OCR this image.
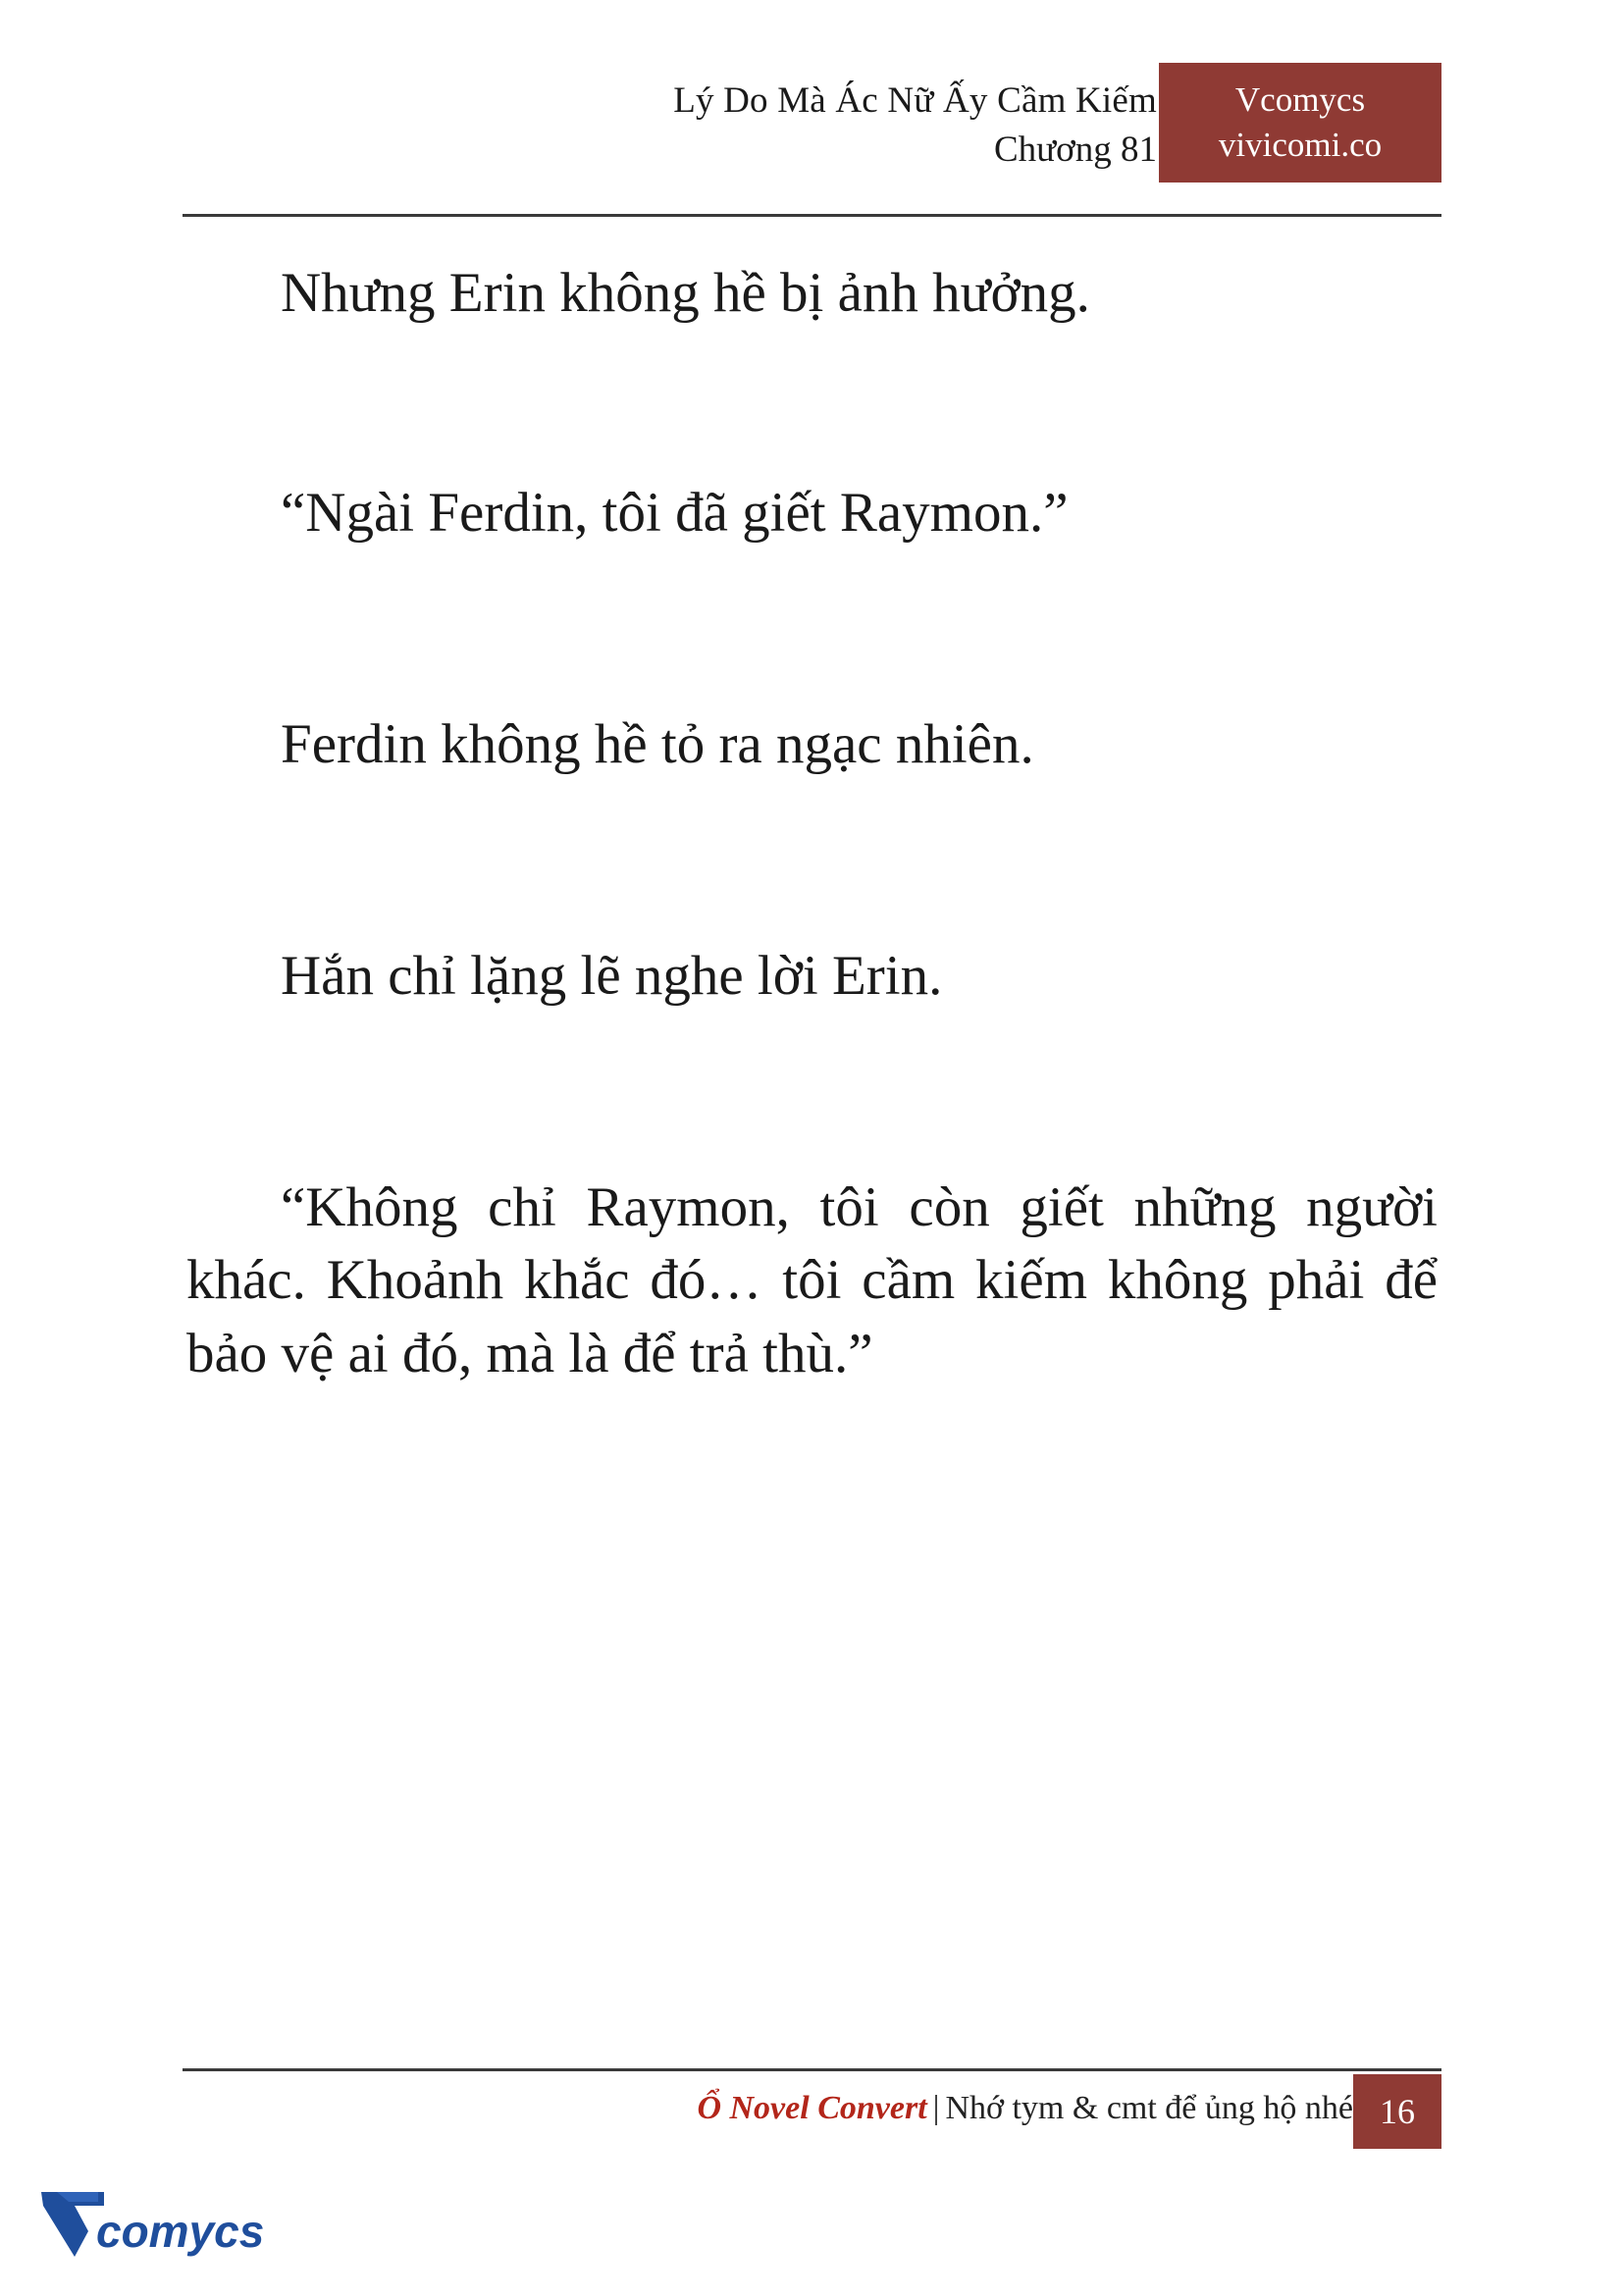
Lý Do Mà Ác Nữ Ấy Cầm Kiếm
Chương 81
Vcomycs
vivicomi.co

Nhưng Erin không hề bị ảnh hưởng.

“Ngài Ferdin, tôi đã giết Raymon.”

Ferdin không hề tỏ ra ngạc nhiên.

Hắn chỉ lặng lẽ nghe lời Erin.

“Không chỉ Raymon, tôi còn giết những người khác. Khoảnh khắc đó… tôi cầm kiếm không phải để bảo vệ ai đó, mà là để trả thù.”

Ổ Novel Convert | Nhớ tym & cmt để ủng hộ nhé 16
comycs
